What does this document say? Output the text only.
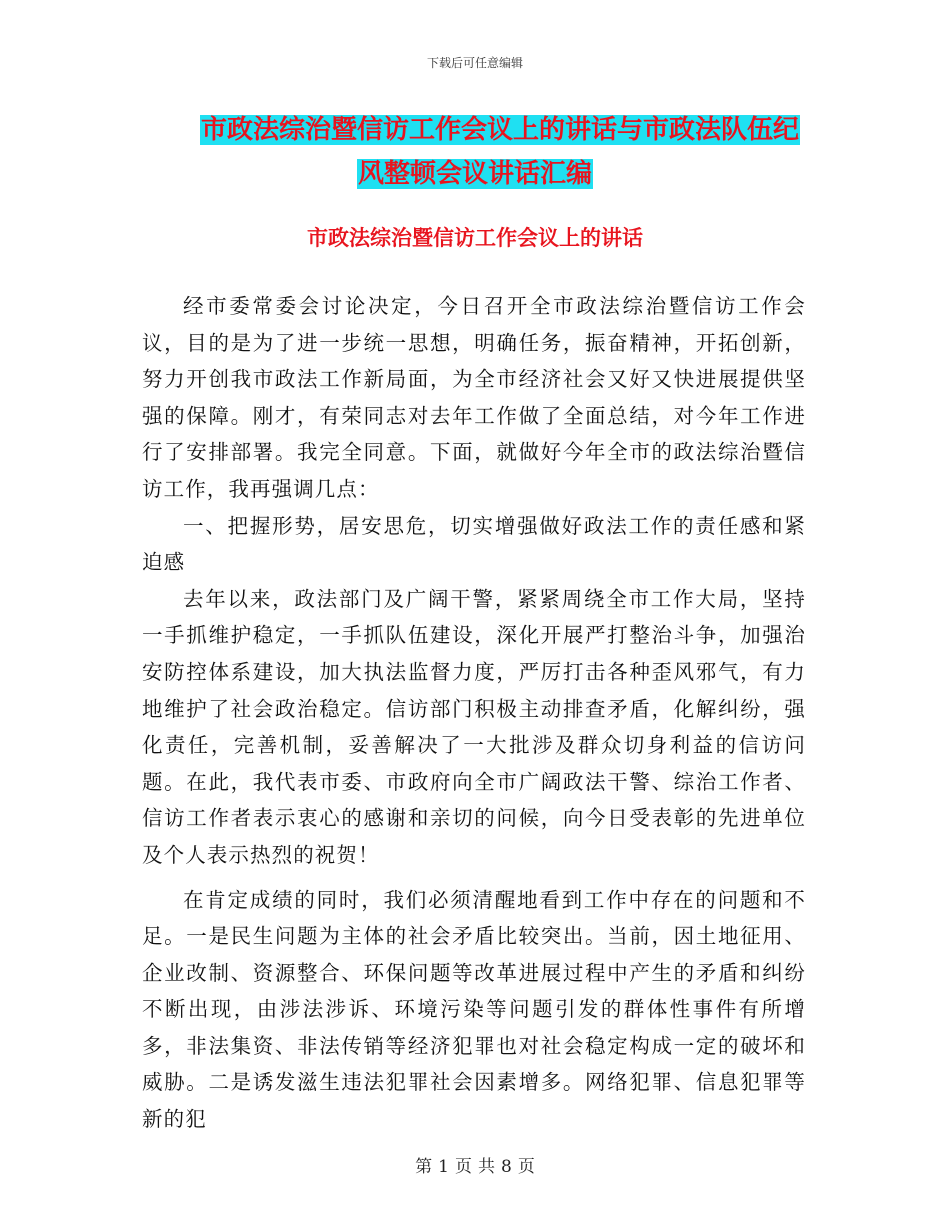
下载后可任意编辑
市政法综治暨信访工作会议上的讲话与市政法队伍纪
风整顿会议讲话汇编
市政法综治暨信访工作会议上的讲话

经市委常委会讨论决定，今日召开全市政法综治暨信访工作会议，目的是为了进一步统一思想，明确任务，振奋精神，开拓创新，努力开创我市政法工作新局面，为全市经济社会又好又快进展提供坚强的保障。刚才，有荣同志对去年工作做了全面总结，对今年工作进行了安排部署。我完全同意。下面，就做好今年全市的政法综治暨信访工作，我再强调几点：

一、把握形势，居安思危，切实增强做好政法工作的责任感和紧迫感

去年以来，政法部门及广阔干警，紧紧周绕全市工作大局，坚持一手抓维护稳定，一手抓队伍建设，深化开展严打整治斗争，加强治安防控体系建设，加大执法监督力度，严厉打击各种歪风邪气，有力地维护了社会政治稳定。信访部门积极主动排查矛盾，化解纠纷，强化责任，完善机制，妥善解决了一大批涉及群众切身利益的信访问题。在此，我代表市委、市政府向全市广阔政法干警、综治工作者、信访工作者表示衷心的感谢和亲切的问候，向今日受表彰的先进单位及个人表示热烈的祝贺！

在肯定成绩的同时，我们必须清醒地看到工作中存在的问题和不足。一是民生问题为主体的社会矛盾比较突出。当前，因土地征用、企业改制、资源整合、环保问题等改革进展过程中产生的矛盾和纠纷不断出现，由涉法涉诉、环境污染等问题引发的群体性事件有所增多，非法集资、非法传销等经济犯罪也对社会稳定构成一定的破坏和威胁。二是诱发滋生违法犯罪社会因素增多。网络犯罪、信息犯罪等新的犯

第 1 页 共 8 页
